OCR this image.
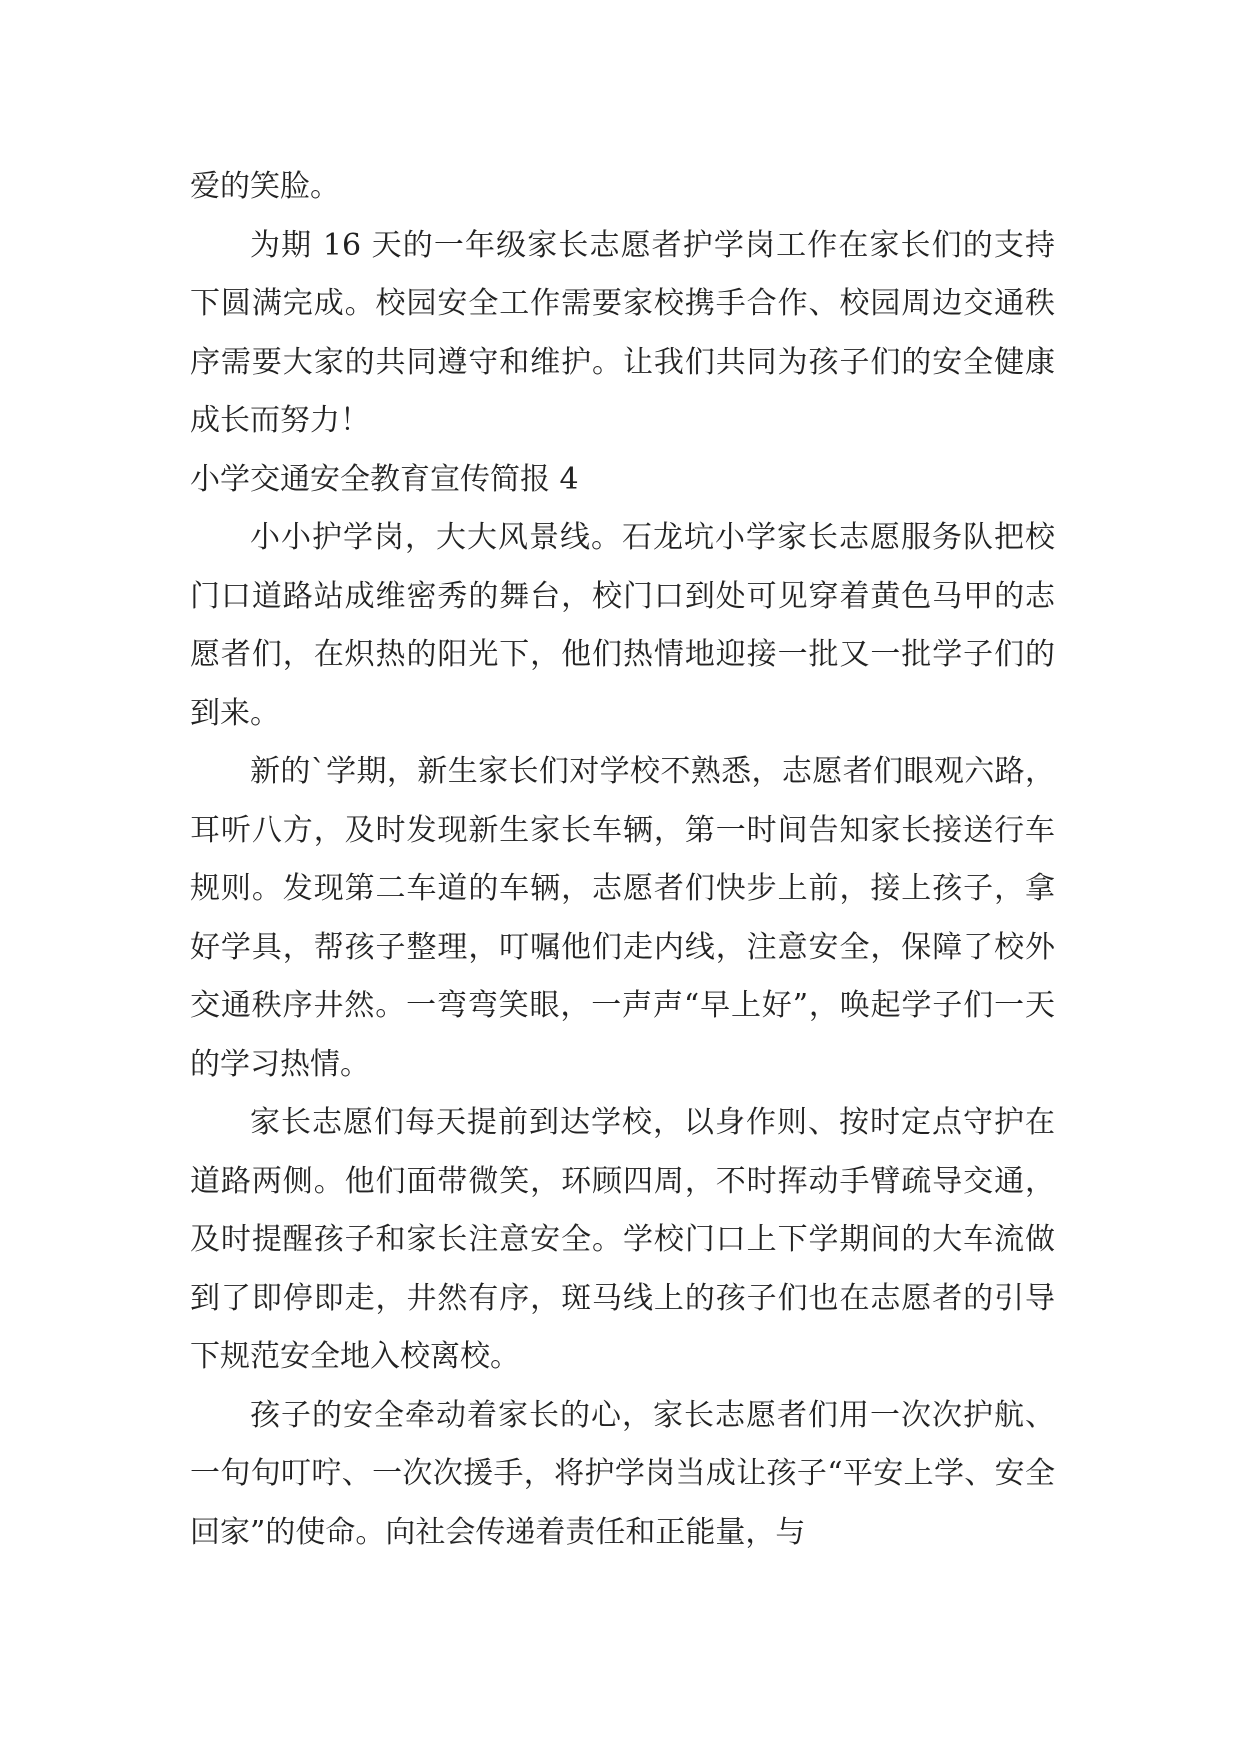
爱的笑脸。

为期 16 天的一年级家长志愿者护学岗工作在家长们的支持下圆满完成。校园安全工作需要家校携手合作、校园周边交通秩序需要大家的共同遵守和维护。让我们共同为孩子们的安全健康成长而努力！

小学交通安全教育宣传简报 4

小小护学岗，大大风景线。石龙坑小学家长志愿服务队把校门口道路站成维密秀的舞台，校门口到处可见穿着黄色马甲的志愿者们，在炽热的阳光下，他们热情地迎接一批又一批学子们的到来。

新的`学期，新生家长们对学校不熟悉，志愿者们眼观六路，耳听八方，及时发现新生家长车辆，第一时间告知家长接送行车规则。发现第二车道的车辆，志愿者们快步上前，接上孩子，拿好学具，帮孩子整理，叮嘱他们走内线，注意安全，保障了校外交通秩序井然。一弯弯笑眼，一声声“早上好”，唤起学子们一天的学习热情。

家长志愿们每天提前到达学校，以身作则、按时定点守护在道路两侧。他们面带微笑，环顾四周，不时挥动手臂疏导交通，及时提醒孩子和家长注意安全。学校门口上下学期间的大车流做到了即停即走，井然有序，斑马线上的孩子们也在志愿者的引导下规范安全地入校离校。

孩子的安全牵动着家长的心，家长志愿者们用一次次护航、一句句叮咛、一次次援手，将护学岗当成让孩子“平安上学、安全回家”的使命。向社会传递着责任和正能量，与
